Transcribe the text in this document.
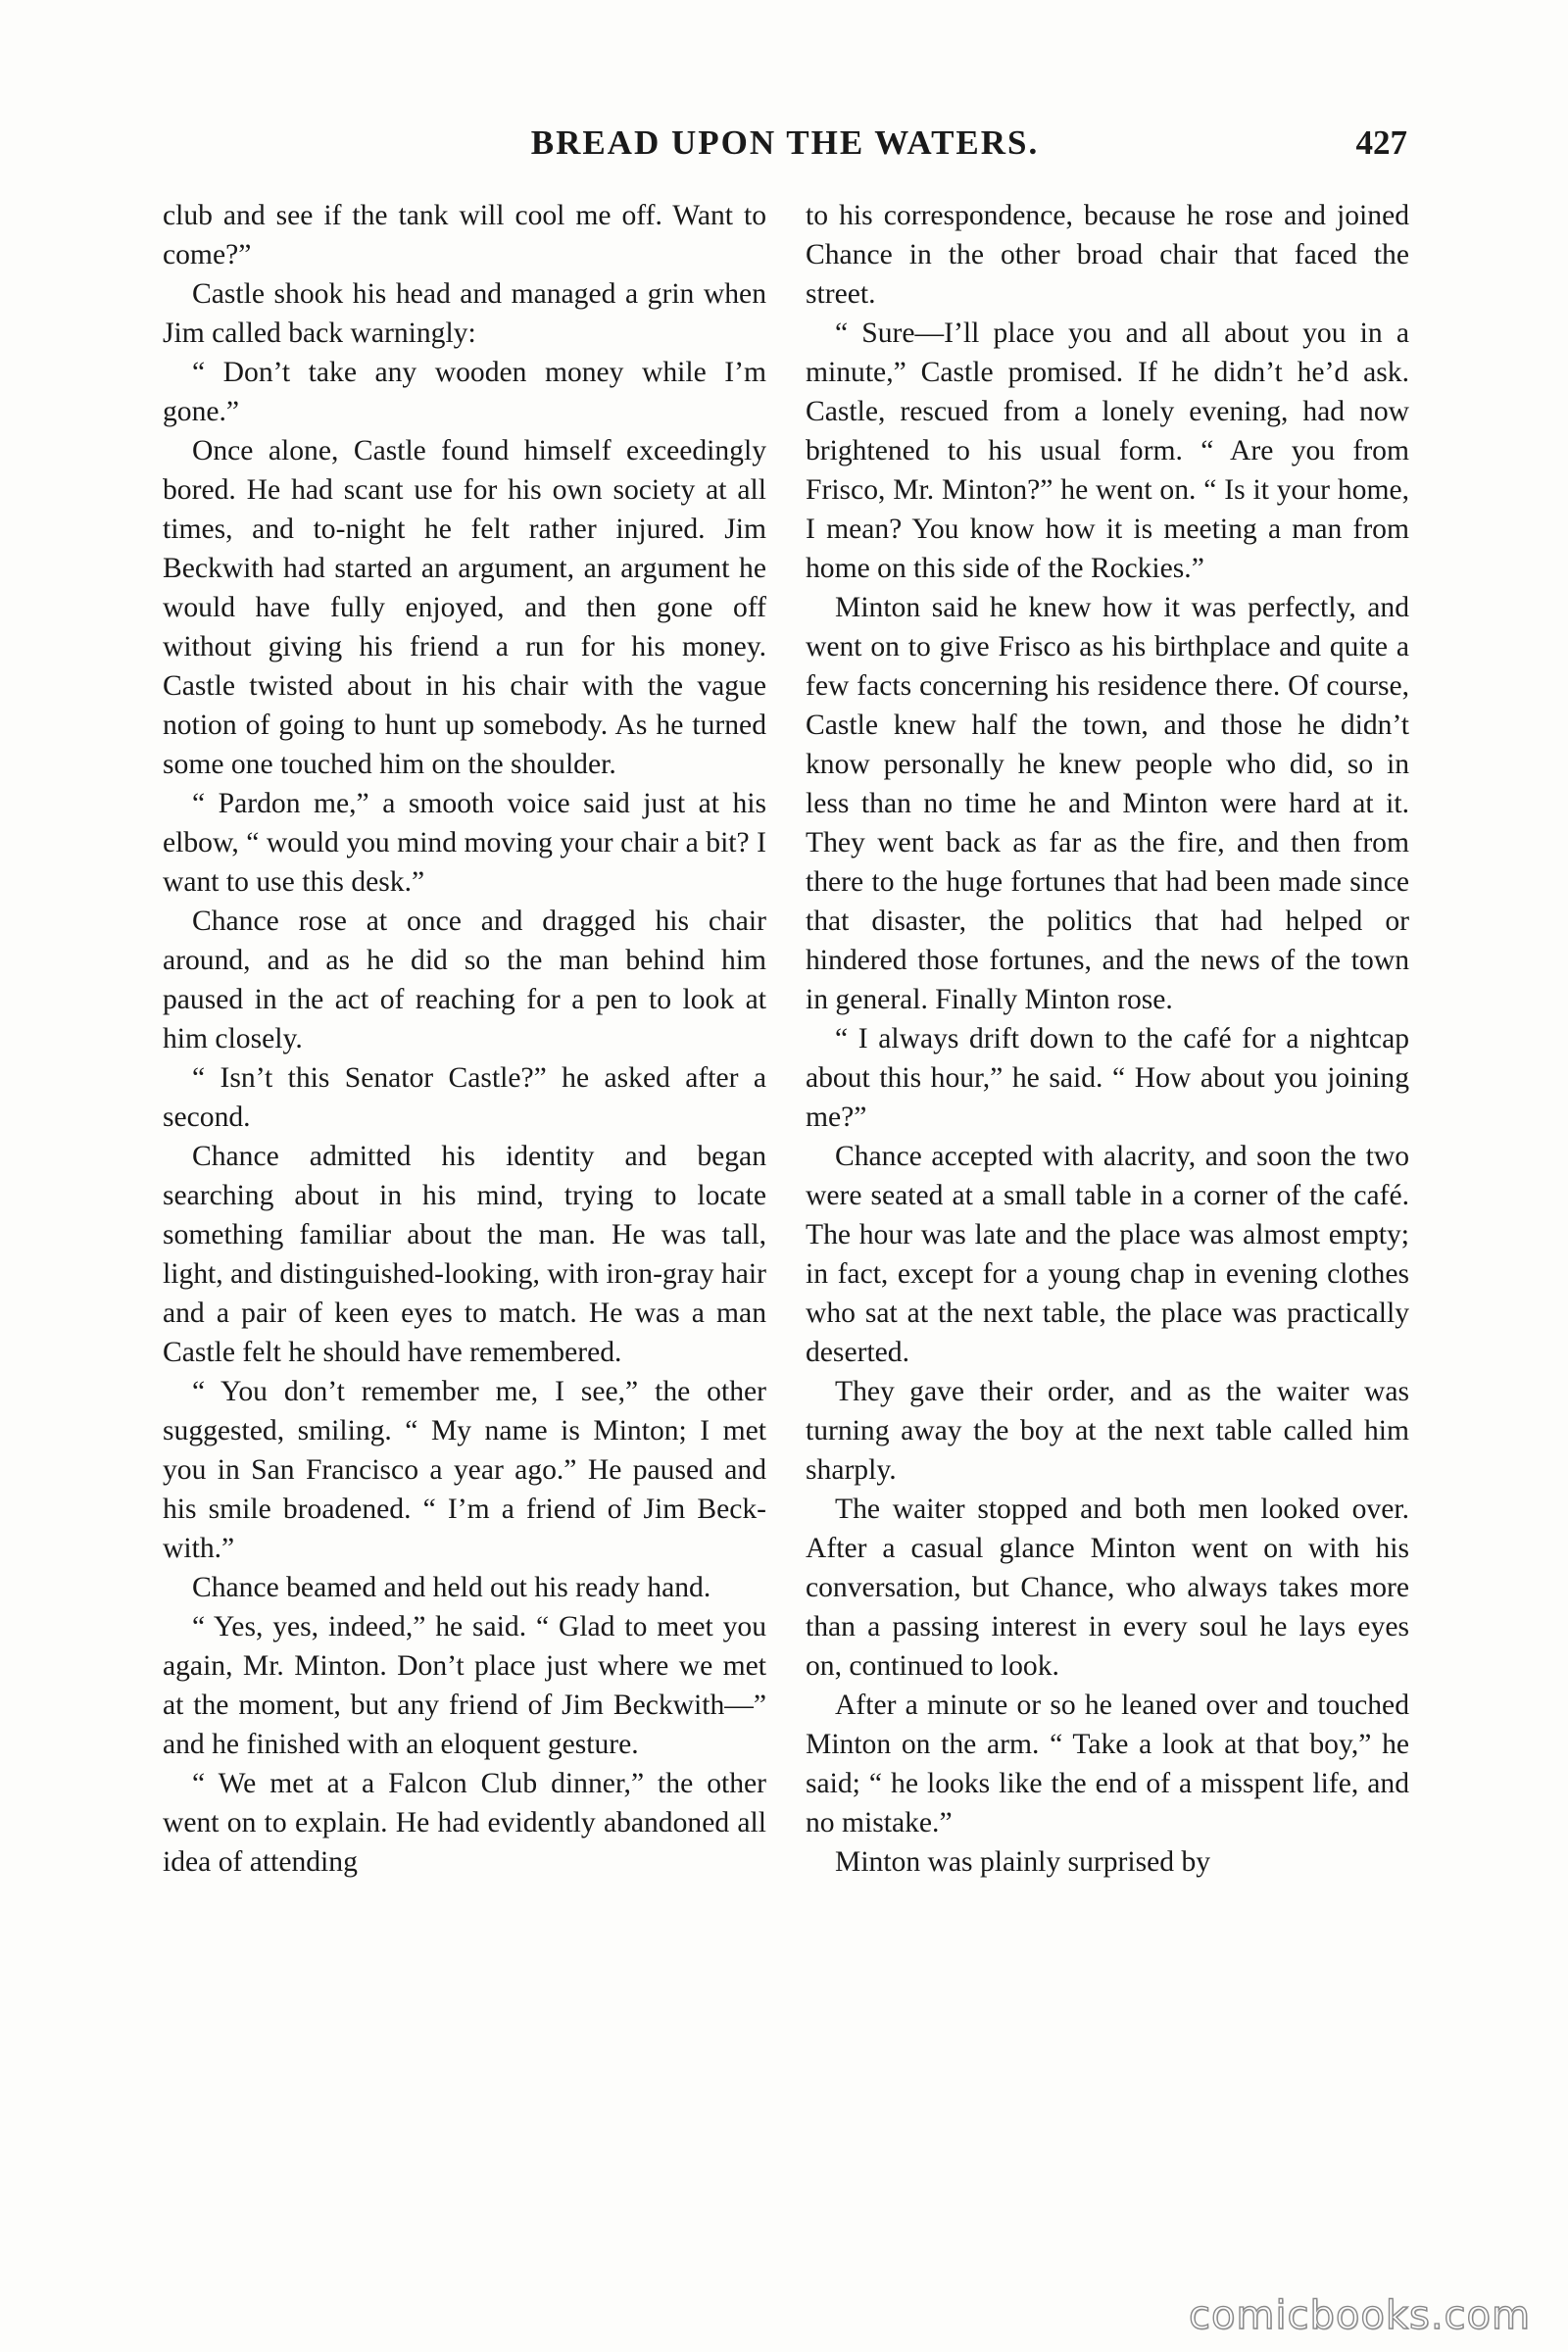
BREAD UPON THE WATERS.	427

club and see if the tank will cool me off. Want to come?”

Castle shook his head and managed a grin when Jim called back warningly:

“ Don’t take any wooden money while I’m gone.”

Once alone, Castle found himself exceedingly bored. He had scant use for his own society at all times, and to-night he felt rather injured. Jim Beckwith had started an argument, an argument he would have fully enjoyed, and then gone off without giving his friend a run for his money. Castle twisted about in his chair with the vague notion of going to hunt up somebody. As he turned some one touched him on the shoulder.

“ Pardon me,” a smooth voice said just at his elbow, “ would you mind moving your chair a bit? I want to use this desk.”

Chance rose at once and dragged his chair around, and as he did so the man behind him paused in the act of reaching for a pen to look at him closely.

“ Isn’t this Senator Castle?” he asked after a second.

Chance admitted his identity and began searching about in his mind, trying to locate something familiar about the man. He was tall, light, and distinguished-looking, with iron-gray hair and a pair of keen eyes to match. He was a man Castle felt he should have remembered.

“ You don’t remember me, I see,” the other suggested, smiling. “ My name is Minton; I met you in San Francisco a year ago.” He paused and his smile broadened. “ I’m a friend of Jim Beckwith.”

Chance beamed and held out his ready hand.

“ Yes, yes, indeed,” he said. “ Glad to meet you again, Mr. Minton. Don’t place just where we met at the moment, but any friend of Jim Beckwith—” and he finished with an eloquent gesture.

“ We met at a Falcon Club dinner,” the other went on to explain. He had evidently abandoned all idea of attending

to his correspondence, because he rose and joined Chance in the other broad chair that faced the street.

“ Sure—I’ll place you and all about you in a minute,” Castle promised. If he didn’t he’d ask. Castle, rescued from a lonely evening, had now brightened to his usual form. “ Are you from Frisco, Mr. Minton?” he went on. “ Is it your home, I mean? You know how it is meeting a man from home on this side of the Rockies.”

Minton said he knew how it was perfectly, and went on to give Frisco as his birthplace and quite a few facts concerning his residence there. Of course, Castle knew half the town, and those he didn’t know personally he knew people who did, so in less than no time he and Minton were hard at it. They went back as far as the fire, and then from there to the huge fortunes that had been made since that disaster, the politics that had helped or hindered those fortunes, and the news of the town in general. Finally Minton rose.

“ I always drift down to the café for a nightcap about this hour,” he said. “ How about you joining me?”

Chance accepted with alacrity, and soon the two were seated at a small table in a corner of the café. The hour was late and the place was almost empty; in fact, except for a young chap in evening clothes who sat at the next table, the place was practically deserted.

They gave their order, and as the waiter was turning away the boy at the next table called him sharply.

The waiter stopped and both men looked over. After a casual glance Minton went on with his conversation, but Chance, who always takes more than a passing interest in every soul he lays eyes on, continued to look.

After a minute or so he leaned over and touched Minton on the arm. “ Take a look at that boy,” he said; “ he looks like the end of a misspent life, and no mistake.”

Minton was plainly surprised by

comicbooks.com
